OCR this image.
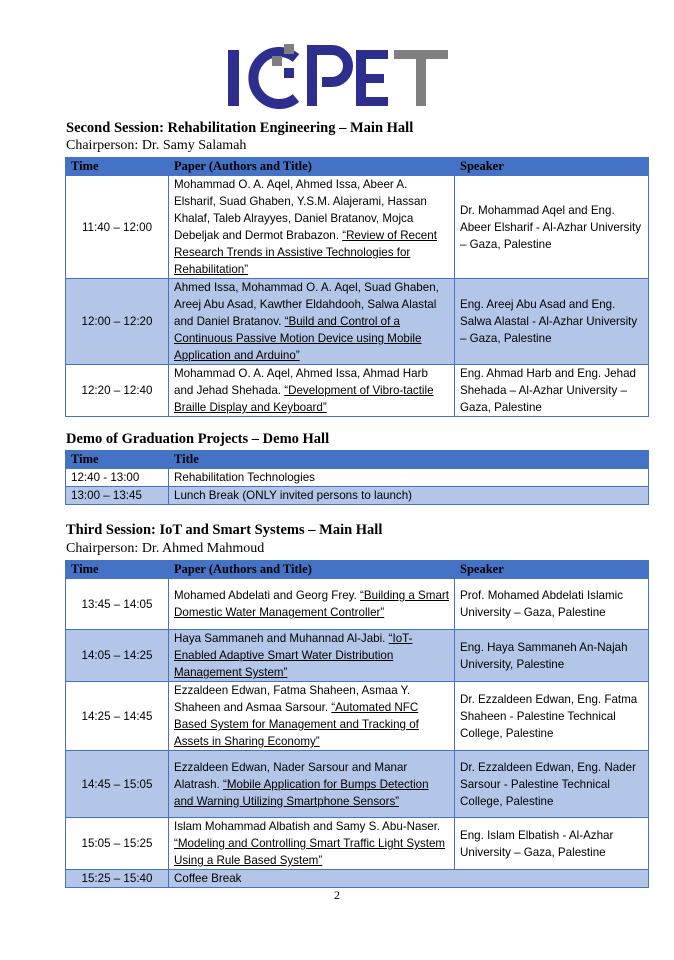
Second Session: Rehabilitation Engineering – Main Hall
Chairperson: Dr. Samy Salamah
Time	Paper (Authors and Title)	Speaker
11:40 – 12:00	Mohammad O. A. Aqel, Ahmed Issa, Abeer A. Elsharif, Suad Ghaben, Y.S.M. Alajerami, Hassan Khalaf, Taleb Alrayyes, Daniel Bratanov, Mojca Debeljak and Dermot Brabazon. “Review of Recent Research Trends in Assistive Technologies for Rehabilitation”	Dr. Mohammad Aqel and Eng. Abeer Elsharif - Al-Azhar University – Gaza, Palestine
12:00 – 12:20	Ahmed Issa, Mohammad O. A. Aqel, Suad Ghaben, Areej Abu Asad, Kawther Eldahdooh, Salwa Alastal and Daniel Bratanov. “Build and Control of a Continuous Passive Motion Device using Mobile Application and Arduino”	Eng. Areej Abu Asad and Eng. Salwa Alastal - Al-Azhar University – Gaza, Palestine
12:20 – 12:40	Mohammad O. A. Aqel, Ahmed Issa, Ahmad Harb and Jehad Shehada. “Development of Vibro-tactile Braille Display and Keyboard”	Eng. Ahmad Harb and Eng. Jehad Shehada – Al-Azhar University – Gaza, Palestine
Demo of Graduation Projects – Demo Hall
Time	Title
12:40 - 13:00	Rehabilitation Technologies
13:00 – 13:45	Lunch Break (ONLY invited persons to launch)
Third Session: IoT and Smart Systems – Main Hall
Chairperson: Dr. Ahmed Mahmoud
Time	Paper (Authors and Title)	Speaker
13:45 – 14:05	Mohamed Abdelati and Georg Frey. “Building a Smart Domestic Water Management Controller”	Prof. Mohamed Abdelati Islamic University – Gaza, Palestine
14:05 – 14:25	Haya Sammaneh and Muhannad Al-Jabi. “IoT-Enabled Adaptive Smart Water Distribution Management System”	Eng. Haya Sammaneh An-Najah University, Palestine
14:25 – 14:45	Ezzaldeen Edwan, Fatma Shaheen, Asmaa Y. Shaheen and Asmaa Sarsour. “Automated NFC Based System for Management and Tracking of Assets in Sharing Economy”	Dr. Ezzaldeen Edwan, Eng. Fatma Shaheen - Palestine Technical College, Palestine
14:45 – 15:05	Ezzaldeen Edwan, Nader Sarsour and Manar Alatrash. “Mobile Application for Bumps Detection and Warning Utilizing Smartphone Sensors”	Dr. Ezzaldeen Edwan, Eng. Nader Sarsour - Palestine Technical College, Palestine
15:05 – 15:25	Islam Mohammad Albatish and Samy S. Abu-Naser. “Modeling and Controlling Smart Traffic Light System Using a Rule Based System”	Eng. Islam Elbatish - Al-Azhar University – Gaza, Palestine
15:25 – 15:40	Coffee Break	
2
